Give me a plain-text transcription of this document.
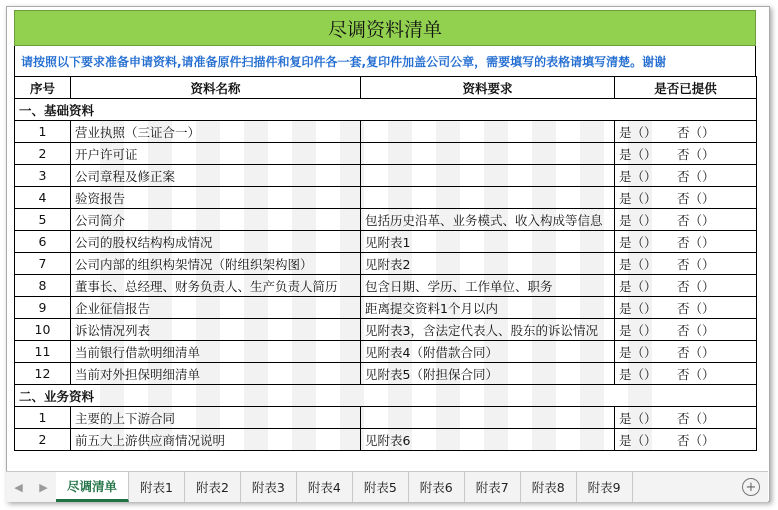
尽调资料清单
请按照以下要求准备申请资料,请准备原件扫描件和复印件各一套,复印件加盖公司公章，需要填写的表格请填写清楚。谢谢
序号	资料名称	资料要求	是否已提供
一、基础资料			
1	营业执照（三证合一）		是（） 否（）
2	开户许可证		是（） 否（）
3	公司章程及修正案		是（） 否（）
4	验资报告		是（） 否（）
5	公司简介	包括历史沿革、业务模式、收入构成等信息	是（） 否（）
6	公司的股权结构构成情况	见附表1	是（） 否（）
7	公司内部的组织构架情况（附组织架构图）	见附表2	是（） 否（）
8	董事长、总经理、财务负责人、生产负责人简历	包含日期、学历、工作单位、职务	是（） 否（）
9	企业征信报告	距离提交资料1个月以内	是（） 否（）
10	诉讼情况列表	见附表3，含法定代表人、股东的诉讼情况	是（） 否（）
11	当前银行借款明细清单	见附表4（附借款合同）	是（） 否（）
12	当前对外担保明细清单	见附表5（附担保合同）	是（） 否（）
二、业务资料			
1	主要的上下游合同		是（） 否（）
2	前五大上游供应商情况说明	见附表6	是（） 否（）
◀ ▶	尽调清单	附表1	附表2	附表3	附表4	附表5	附表6	附表7	附表8	附表9	+
